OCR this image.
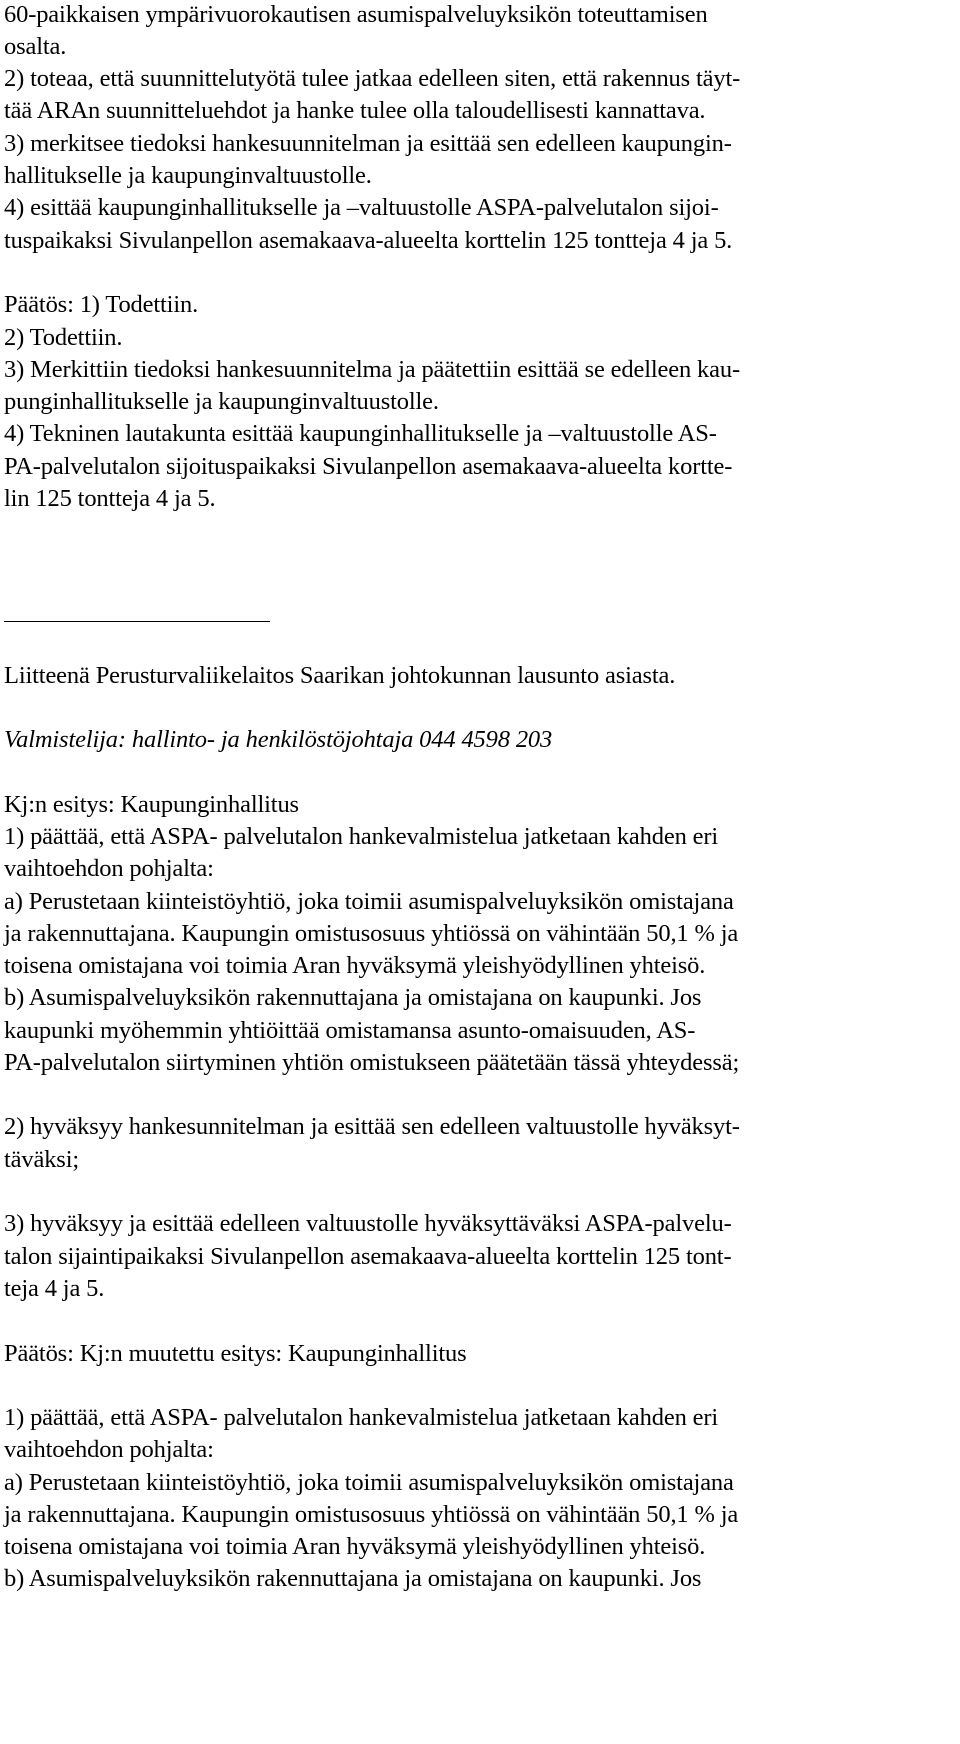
60-paikkaisen ympärivuorokautisen asumispalveluyksikön toteuttamisen
osalta.
2) toteaa, että suunnittelutyötä tulee jatkaa edelleen siten, että rakennus täyt-
tää ARAn suunnitteluehdot ja hanke tulee olla taloudellisesti kannattava.
3) merkitsee tiedoksi hankesuunnitelman ja esittää sen edelleen kaupungin-
hallitukselle ja kaupunginvaltuustolle.
4) esittää kaupunginhallitukselle ja –valtuustolle ASPA-palvelutalon sijoi-
tuspaikaksi Sivulanpellon asemakaava-alueelta korttelin 125 tontteja 4 ja 5.
Päätös: 1) Todettiin.
2) Todettiin.
3) Merkittiin tiedoksi hankesuunnitelma ja päätettiin esittää se edelleen kau-
punginhallitukselle ja kaupunginvaltuustolle.
4) Tekninen lautakunta esittää kaupunginhallitukselle ja –valtuustolle AS-
PA-palvelutalon sijoituspaikaksi Sivulanpellon asemakaava-alueelta kortte-
lin 125 tontteja 4 ja 5.
Liitteenä Perusturvaliikelaitos Saarikan johtokunnan lausunto asiasta.
Valmistelija: hallinto- ja henkilöstöjohtaja 044 4598 203
Kj:n esitys: Kaupunginhallitus
1) päättää, että ASPA- palvelutalon hankevalmistelua jatketaan kahden eri
vaihtoehdon pohjalta:
a) Perustetaan kiinteistöyhtiö, joka toimii asumispalveluyksikön omistajana
ja rakennuttajana. Kaupungin omistusosuus yhtiössä on vähintään 50,1 % ja
toisena omistajana voi toimia Aran hyväksymä yleishyödyllinen yhteisö.
b) Asumispalveluyksikön rakennuttajana ja omistajana on kaupunki. Jos
kaupunki myöhemmin yhtiöittää omistamansa asunto-omaisuuden, AS-
PA-palvelutalon siirtyminen yhtiön omistukseen päätetään tässä yhteydessä;
2) hyväksyy hankesunnitelman ja esittää sen edelleen valtuustolle hyväksyt-
täväksi;
3) hyväksyy ja esittää edelleen valtuustolle hyväksyttäväksi ASPA-palvelu-
talon sijaintipaikaksi Sivulanpellon asemakaava-alueelta korttelin 125 tont-
teja 4 ja 5.
Päätös: Kj:n muutettu esitys: Kaupunginhallitus
1) päättää, että ASPA- palvelutalon hankevalmistelua jatketaan kahden eri
vaihtoehdon pohjalta:
a) Perustetaan kiinteistöyhtiö, joka toimii asumispalveluyksikön omistajana
ja rakennuttajana. Kaupungin omistusosuus yhtiössä on vähintään 50,1 % ja
toisena omistajana voi toimia Aran hyväksymä yleishyödyllinen yhteisö.
b) Asumispalveluyksikön rakennuttajana ja omistajana on kaupunki. Jos
